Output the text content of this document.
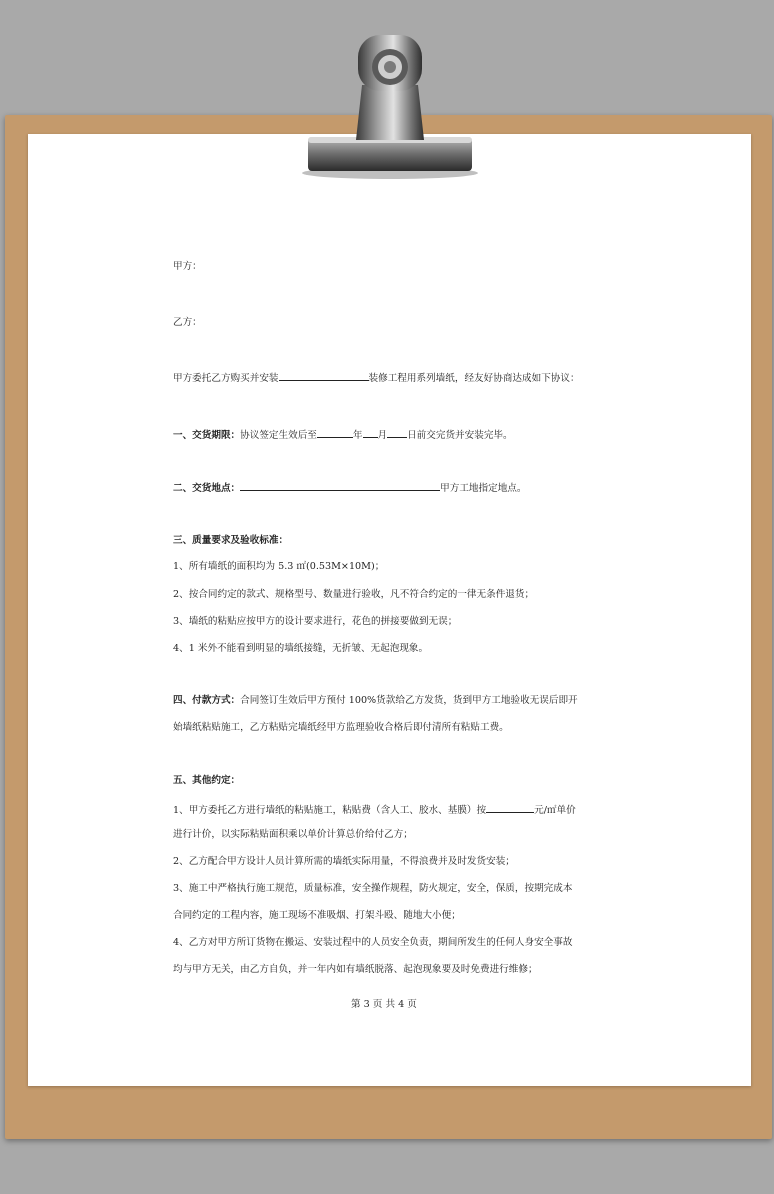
甲方：
乙方：
甲方委托乙方购买并安装	装修工程用系列墙纸，经友好协商达成如下协议：
一、交货期限：协议签定生效后至	年 月 日前交完货并安装完毕。
二、交货地点：	甲方工地指定地点。
三、质量要求及验收标准：
1、所有墙纸的面积均为 5.3 ㎡(0.53M×10M)；
2、按合同约定的款式、规格型号、数量进行验收，凡不符合约定的一律无条件退货；
3、墙纸的粘贴应按甲方的设计要求进行，花色的拼接要做到无误；
4、1 米外不能看到明显的墙纸接缝，无折皱、无起泡现象。
四、付款方式：合同签订生效后甲方预付 100%货款给乙方发货，货到甲方工地验收无误后即开
始墙纸粘贴施工，乙方粘贴完墙纸经甲方监理验收合格后即付清所有粘贴工费。
五、其他约定：
1、甲方委托乙方进行墙纸的粘贴施工，粘贴费（含人工、胶水、基膜）按	元/㎡单价
进行计价，以实际粘贴面积乘以单价计算总价给付乙方；
2、乙方配合甲方设计人员计算所需的墙纸实际用量，不得浪费并及时发货安装；
3、施工中严格执行施工规范，质量标准，安全操作规程，防火规定，安全，保质，按期完成本
合同约定的工程内容，施工现场不准吸烟、打架斗殴、随地大小便；
4、乙方对甲方所订货物在搬运、安装过程中的人员安全负责，期间所发生的任何人身安全事故
均与甲方无关，由乙方自负，并一年内如有墙纸脱落、起泡现象要及时免费进行维修；
第 3 页 共 4 页
